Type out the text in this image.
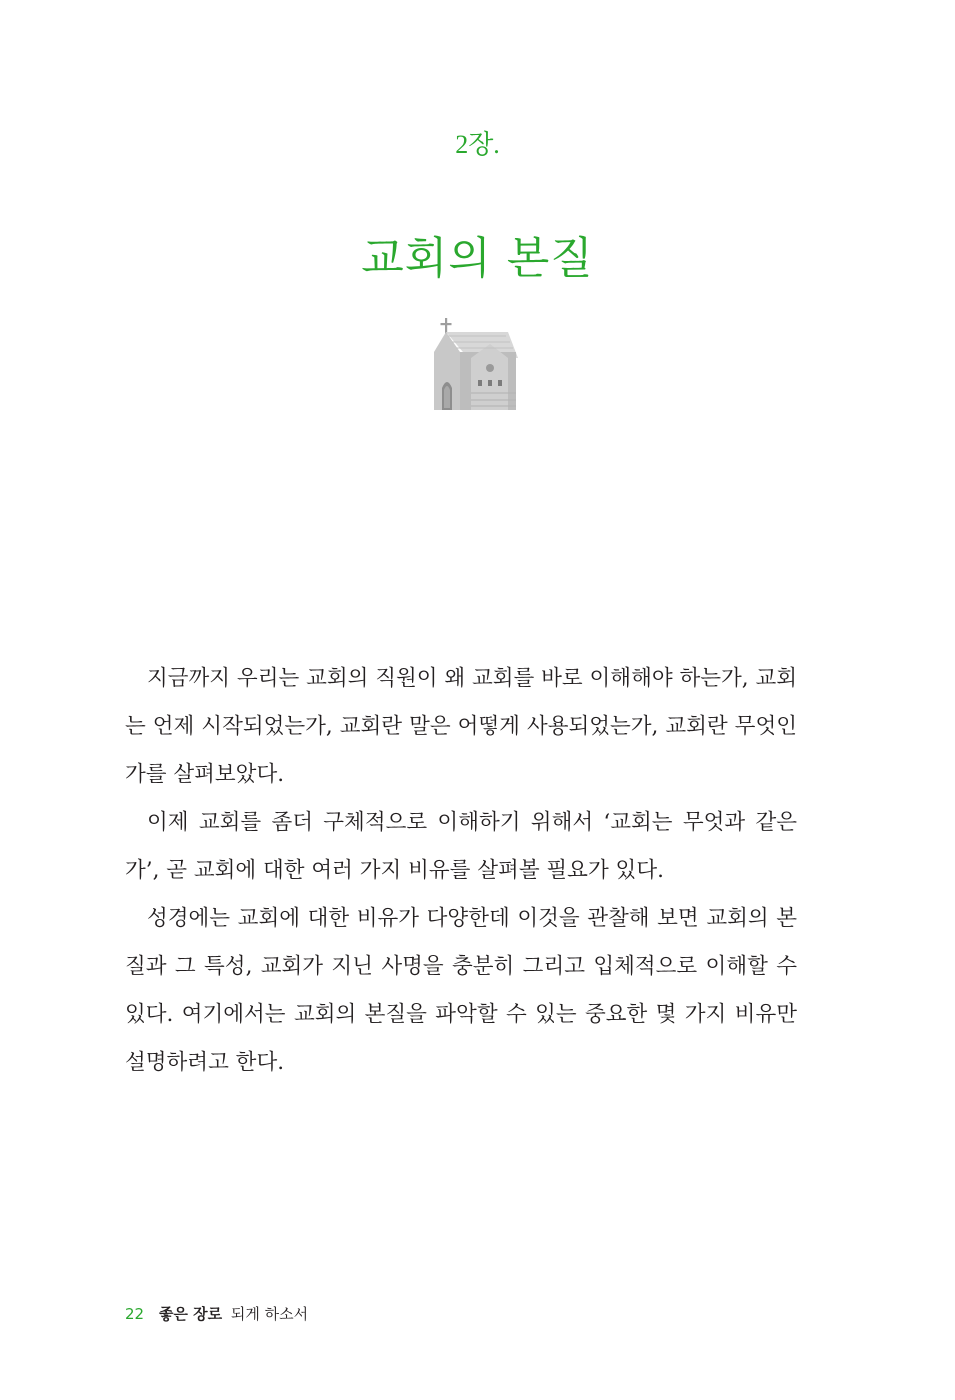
2장.
교회의 본질

지금까지 우리는 교회의 직원이 왜 교회를 바로 이해해야 하는가, 교회는 언제 시작되었는가, 교회란 말은 어떻게 사용되었는가, 교회란 무엇인가를 살펴보았다.

이제 교회를 좀더 구체적으로 이해하기 위해서 ‘교회는 무엇과 같은가’, 곧 교회에 대한 여러 가지 비유를 살펴볼 필요가 있다.

성경에는 교회에 대한 비유가 다양한데 이것을 관찰해 보면 교회의 본질과 그 특성, 교회가 지닌 사명을 충분히 그리고 입체적으로 이해할 수 있다. 여기에서는 교회의 본질을 파악할 수 있는 중요한 몇 가지 비유만 설명하려고 한다.

22 좋은 장로 되게 하소서
